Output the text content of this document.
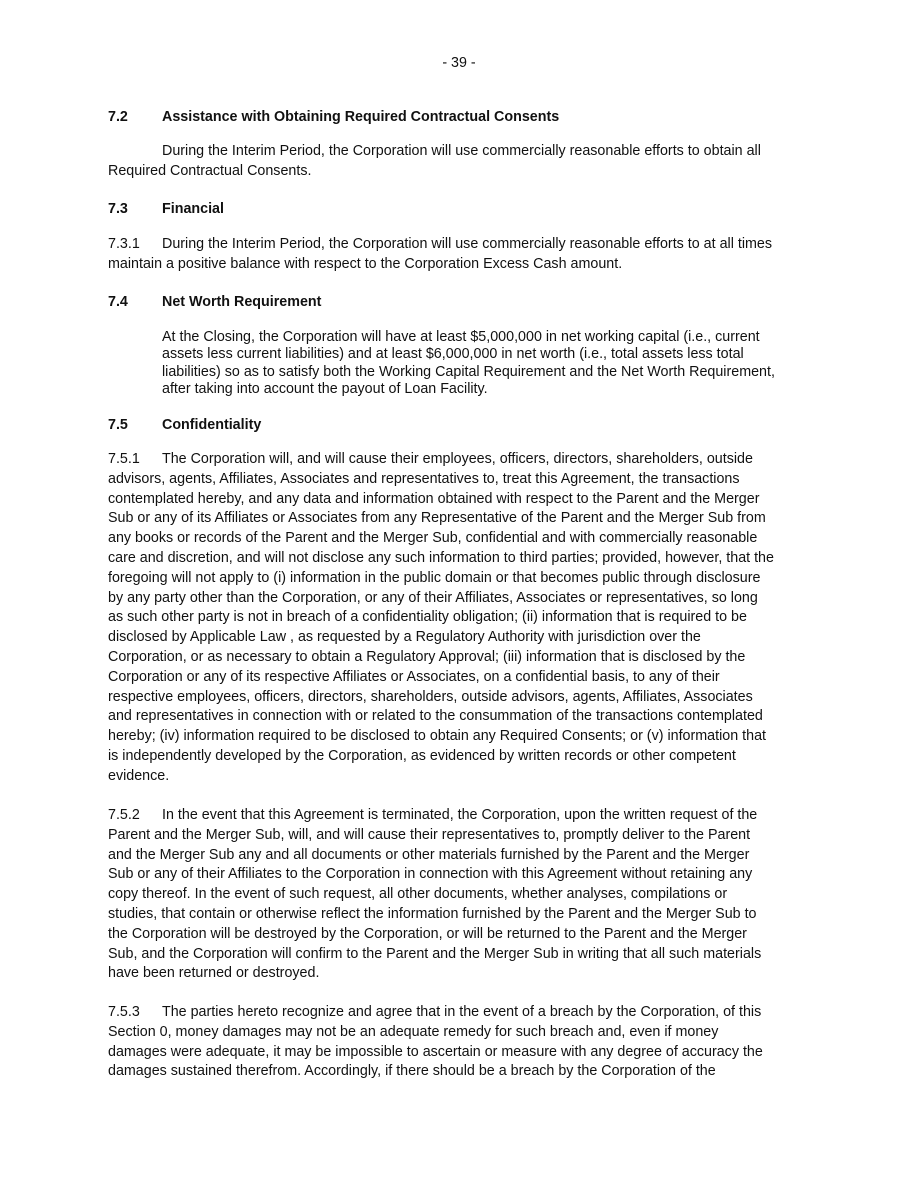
- 39 -
7.2 Assistance with Obtaining Required Contractual Consents
During the Interim Period, the Corporation will use commercially reasonable efforts to obtain all
Required Contractual Consents.
7.3 Financial
7.3.1 During the Interim Period, the Corporation will use commercially reasonable efforts to at all times
maintain a positive balance with respect to the Corporation Excess Cash amount.
7.4 Net Worth Requirement
At the Closing, the Corporation will have at least $5,000,000 in net working capital (i.e., current
assets less current liabilities) and at least $6,000,000 in net worth (i.e., total assets less total
liabilities) so as to satisfy both the Working Capital Requirement and the Net Worth Requirement,
after taking into account the payout of Loan Facility.
7.5 Confidentiality
7.5.1 The Corporation will, and will cause their employees, officers, directors, shareholders, outside
advisors, agents, Affiliates, Associates and representatives to, treat this Agreement, the transactions
contemplated hereby, and any data and information obtained with respect to the Parent and the Merger
Sub or any of its Affiliates or Associates from any Representative of the Parent and the Merger Sub from
any books or records of the Parent and the Merger Sub, confidential and with commercially reasonable
care and discretion, and will not disclose any such information to third parties; provided, however, that the
foregoing will not apply to (i) information in the public domain or that becomes public through disclosure
by any party other than the Corporation, or any of their Affiliates, Associates or representatives, so long
as such other party is not in breach of a confidentiality obligation; (ii) information that is required to be
disclosed by Applicable Law , as requested by a Regulatory Authority with jurisdiction over the
Corporation, or as necessary to obtain a Regulatory Approval; (iii) information that is disclosed by the
Corporation or any of its respective Affiliates or Associates, on a confidential basis, to any of their
respective employees, officers, directors, shareholders, outside advisors, agents, Affiliates, Associates
and representatives in connection with or related to the consummation of the transactions contemplated
hereby; (iv) information required to be disclosed to obtain any Required Consents; or (v) information that
is independently developed by the Corporation, as evidenced by written records or other competent
evidence.
7.5.2 In the event that this Agreement is terminated, the Corporation, upon the written request of the
Parent and the Merger Sub, will, and will cause their representatives to, promptly deliver to the Parent
and the Merger Sub any and all documents or other materials furnished by the Parent and the Merger
Sub or any of their Affiliates to the Corporation in connection with this Agreement without retaining any
copy thereof. In the event of such request, all other documents, whether analyses, compilations or
studies, that contain or otherwise reflect the information furnished by the Parent and the Merger Sub to
the Corporation will be destroyed by the Corporation, or will be returned to the Parent and the Merger
Sub, and the Corporation will confirm to the Parent and the Merger Sub in writing that all such materials
have been returned or destroyed.
7.5.3 The parties hereto recognize and agree that in the event of a breach by the Corporation, of this
Section 0, money damages may not be an adequate remedy for such breach and, even if money
damages were adequate, it may be impossible to ascertain or measure with any degree of accuracy the
damages sustained therefrom. Accordingly, if there should be a breach by the Corporation of the
